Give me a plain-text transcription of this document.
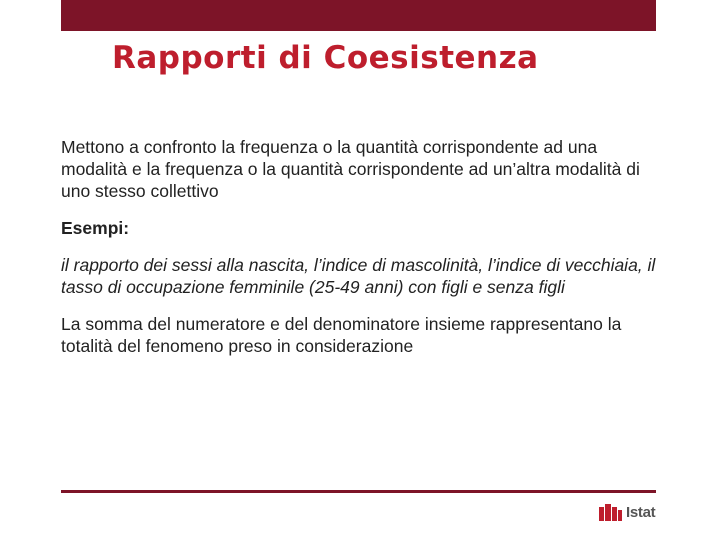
Rapporti di Coesistenza

Mettono a confronto la frequenza o la quantità corrispondente ad una modalità e la frequenza o la quantità corrispondente ad un’altra modalità di uno stesso collettivo

Esempi:

il rapporto dei sessi alla nascita, l’indice di mascolinità, l’indice di vecchiaia, il tasso di occupazione femminile (25-49 anni) con figli e senza figli

La somma del numeratore e del denominatore insieme rappresentano la totalità del fenomeno preso in considerazione

Istat
